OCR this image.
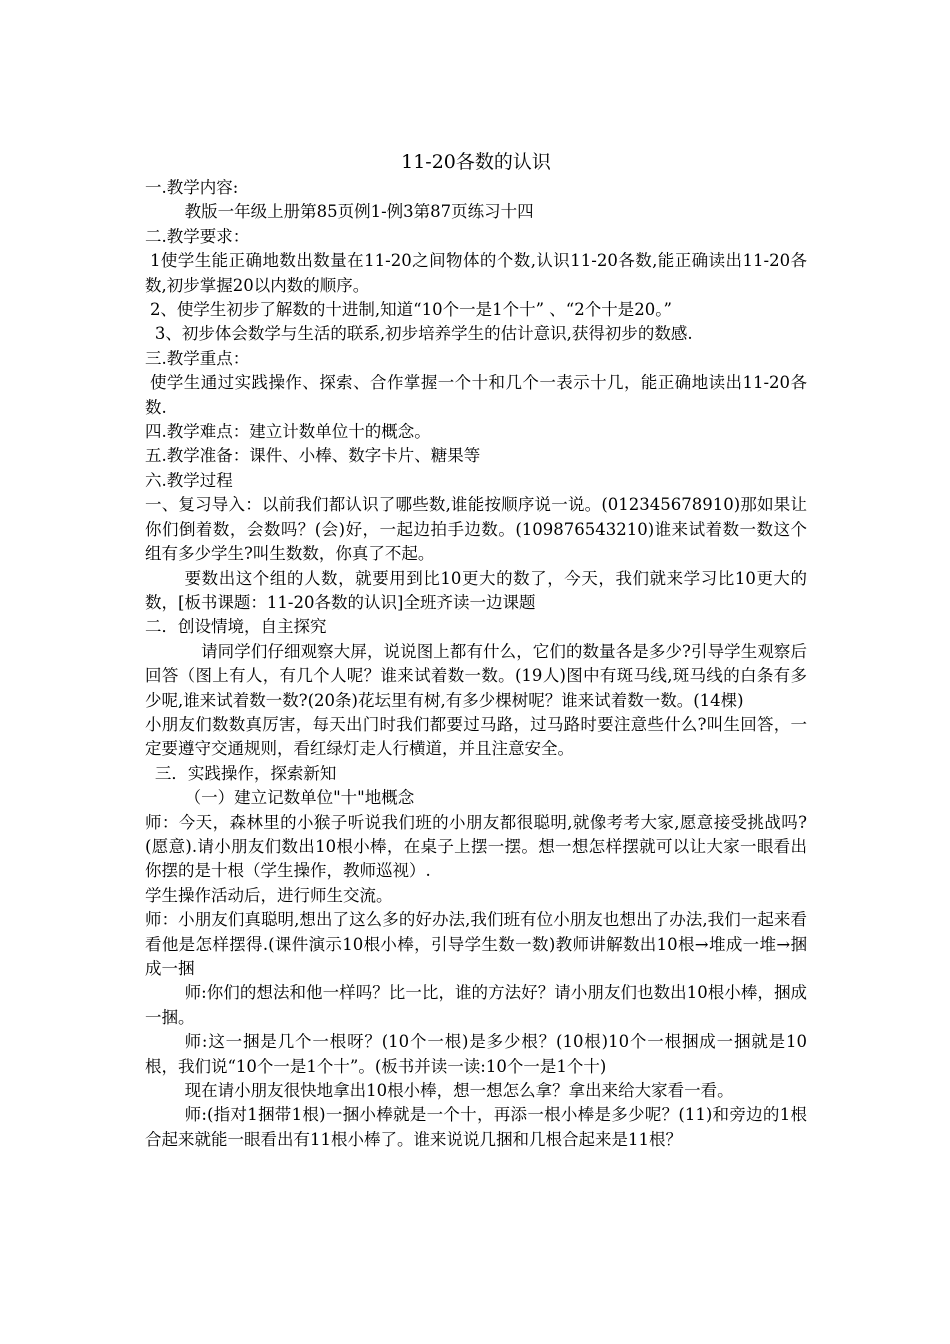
11-20各数的认识

一.教学内容:

教版一年级上册第85页例1-例3第87页练习十四

二.教学要求：

1使学生能正确地数出数量在11-20之间物体的个数,认识11-20各数,能正确读出11-20各数,初步掌握20以内数的顺序。

2、使学生初步了解数的十进制,知道“10个一是1个十” 、“2个十是20。”

3、初步体会数学与生活的联系,初步培养学生的估计意识,获得初步的数感.

三.教学重点：

使学生通过实践操作、探索、合作掌握一个十和几个一表示十几，能正确地读出11-20各数.

四.教学难点：建立计数单位十的概念。

五.教学准备：课件、小棒、数字卡片、糖果等

六.教学过程

一、复习导入：以前我们都认识了哪些数,谁能按顺序说一说。(012345678910)那如果让你们倒着数，会数吗？(会)好，一起边拍手边数。(109876543210)谁来试着数一数这个组有多少学生?叫生数数，你真了不起。

要数出这个组的人数，就要用到比10更大的数了，今天，我们就来学习比10更大的数，[板书课题：11-20各数的认识]全班齐读一边课题

二．创设情境，自主探究

请同学们仔细观察大屏，说说图上都有什么，它们的数量各是多少?引导学生观察后回答（图上有人，有几个人呢？谁来试着数一数。(19人)图中有斑马线,斑马线的白条有多少呢,谁来试着数一数?(20条)花坛里有树,有多少棵树呢？谁来试着数一数。(14棵)

小朋友们数数真厉害，每天出门时我们都要过马路，过马路时要注意些什么?叫生回答，一定要遵守交通规则，看红绿灯走人行横道，并且注意安全。

三．实践操作，探索新知

（一）建立记数单位"十"地概念

师：今天，森林里的小猴子听说我们班的小朋友都很聪明,就像考考大家,愿意接受挑战吗?(愿意).请小朋友们数出10根小棒，在桌子上摆一摆。想一想怎样摆就可以让大家一眼看出你摆的是十根（学生操作，教师巡视）.

学生操作活动后，进行师生交流。

师：小朋友们真聪明,想出了这么多的好办法,我们班有位小朋友也想出了办法,我们一起来看看他是怎样摆得.(课件演示10根小棒，引导学生数一数)教师讲解数出10根→堆成一堆→捆成一捆

师:你们的想法和他一样吗？比一比，谁的方法好？请小朋友们也数出10根小棒，捆成一捆。

师:这一捆是几个一根呀？(10个一根)是多少根？(10根)10个一根捆成一捆就是10根，我们说“10个一是1个十”。(板书并读一读:10个一是1个十)

现在请小朋友很快地拿出10根小棒，想一想怎么拿？拿出来给大家看一看。

师:(指对1捆带1根)一捆小棒就是一个十，再添一根小棒是多少呢？(11)和旁边的1根合起来就能一眼看出有11根小棒了。谁来说说几捆和几根合起来是11根？
